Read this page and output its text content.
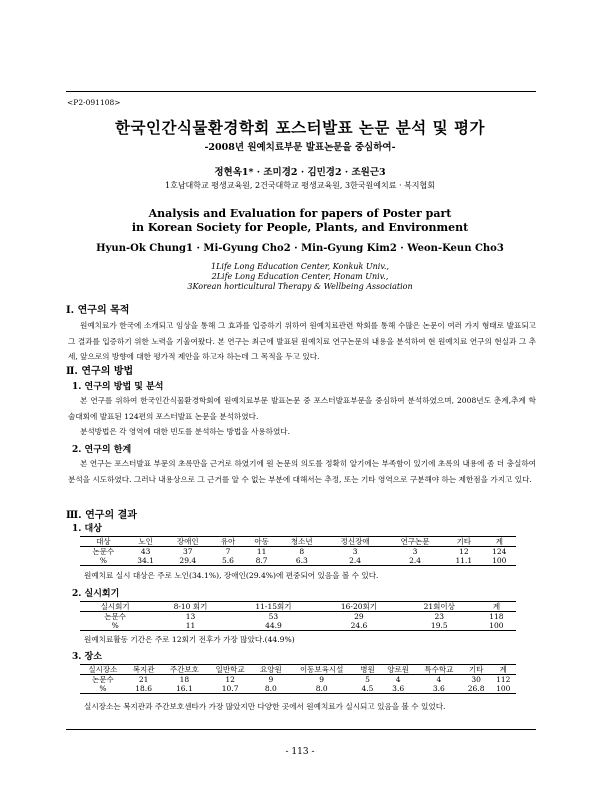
<P2-091108>
한국인간식물환경학회 포스터발표 논문 분석 및 평가
-2008년 원예치료부문 발표논문을 중심하여-
정현옥1* · 조미경2 · 김민경2 · 조원근3
1호남대학교 평생교육원, 2건국대학교 평생교육원, 3한국원예치료 · 복지협회
Analysis and Evaluation for papers of Poster part
in Korean Society for People, Plants, and Environment
Hyun-Ok Chung1 · Mi-Gyung Cho2 · Min-Gyung Kim2 · Weon-Keun Cho3
1Life Long Education Center, Konkuk Univ.,
2Life Long Education Center, Honam Univ.,
3Korean horticultural Therapy & Wellbeing Association
Ⅰ. 연구의 목적
원예치료가 한국에 소개되고 임상을 통해 그 효과를 입증하기 위하여 원예치료관련 학회를 통해 수많은 논문이 여러 가지 형태로 발표되고 그 결과를 입증하기 위한 노력을 기울여왔다. 본 연구는 최근에 발표된 원예치료 연구논문의 내용을 분석하여 현 원예치료 연구의 현실과 그 추세, 앞으로의 방향에 대한 평가적 제안을 하고자 하는데 그 목적을 두고 있다.
Ⅱ. 연구의 방법
1. 연구의 방법 및 분석
본 연구를 위하여 한국인간식물환경학회에 원예치료부문 발표논문 중 포스터발표부문을 중심하여 분석하였으며, 2008년도 춘계,추계 학술대회에 발표된 124편의 포스터발표 논문을 분석하였다.
분석방법은 각 영역에 대한 빈도를 분석하는 방법을 사용하였다.
2. 연구의 한계
본 연구는 포스터발표 부문의 초록만을 근거로 하였기에 원 논문의 의도를 정확히 알기에는 부족함이 있기에 초록의 내용에 좀 더 충실하여 분석을 시도하였다. 그러나 내용상으로 그 근거를 알 수 없는 부분에 대해서는 추정, 또는 기타 영역으로 구분해야 하는 제한점을 가지고 있다.
Ⅲ. 연구의 결과
1. 대상
대상	노인	장애인	유아	아동	청소년	정신장애	연구논문	기타	계
논문수	43	37	7	11	8	3	3	12	124
%	34.1	29.4	5.6	8.7	6.3	2.4	2.4	11.1	100
원예치료 실시 대상은 주로 노인(34.1%), 장애인(29.4%)에 편중되어 있음을 볼 수 있다.
2. 실시회기
실시회기	8-10 회기	11-15회기	16-20회기	21회이상	계
논문수	13	53	29	23	118
%	11	44.9	24.6	19.5	100
원예치료활동 기간은 주로 12회기 전후가 가장 많았다.(44.9%)
3. 장소
실시장소	복지관	주간보호	일반학교	요양원	이동보육시설	병원	양로원	특수학교	기타	계
논문수	21	18	12	9	9	5	4	4	30	112
%	18.6	16.1	10.7	8.0	8.0	4.5	3.6	3.6	26.8	100
실시장소는 복지관과 주간보호센타가 가장 많았지만 다양한 곳에서 원예치료가 실시되고 있음을 볼 수 있었다.
- 113 -
